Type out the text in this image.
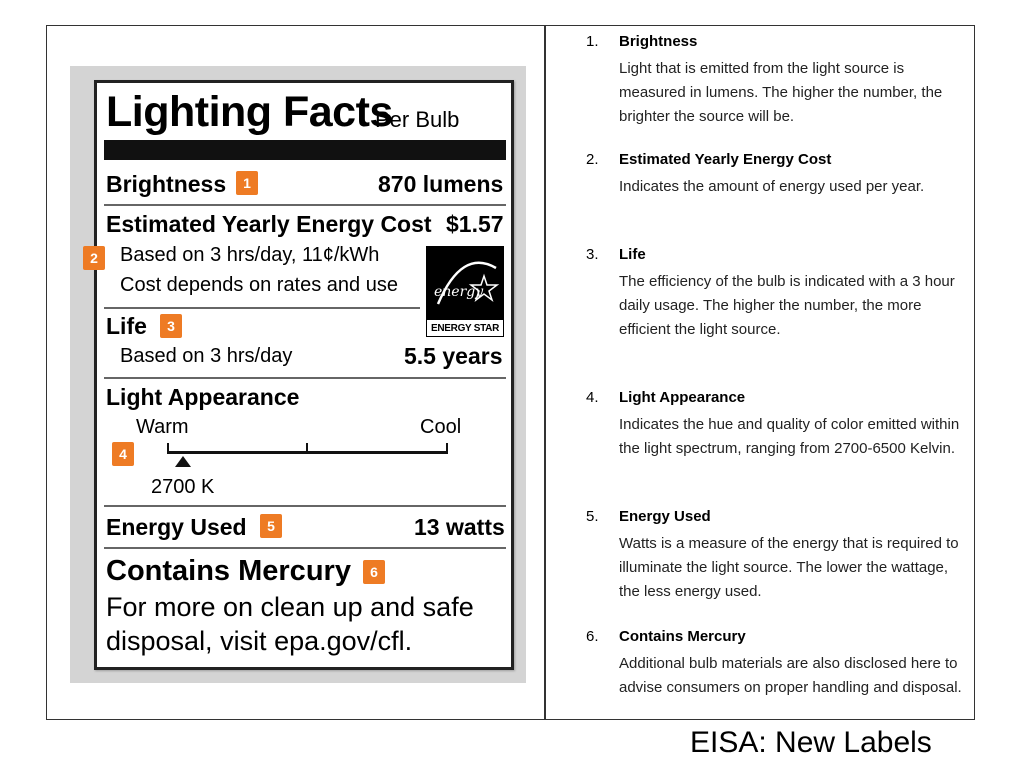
Lighting Facts
Per Bulb
Brightness	1	870 lumens
Estimated Yearly Energy Cost $1.57
2	Based on 3 hrs/day, 11¢/kWh
Cost depends on rates and use	energy
ENERGY STAR
Life	3
Based on 3 hrs/day	5.5 years
Light Appearance
Warm	Cool
4
2700 K
Energy Used	5	13 watts
Contains Mercury	6
For more on clean up and safe
disposal, visit epa.gov/cfl.
1. Brightness
Light that is emitted from the light source is measured in lumens. The higher the number, the brighter the source will be.
2. Estimated Yearly Energy Cost
Indicates the amount of energy used per year.
3. Life
The efficiency of the bulb is indicated with a 3 hour daily usage. The higher the number, the more efficient the light source.
4. Light Appearance
Indicates the hue and quality of color emitted within the light spectrum, ranging from 2700-6500 Kelvin.
5. Energy Used
Watts is a measure of the energy that is required to illuminate the light source. The lower the wattage, the less energy used.
6. Contains Mercury
Additional bulb materials are also disclosed here to advise consumers on proper handling and disposal.
EISA: New Labels
